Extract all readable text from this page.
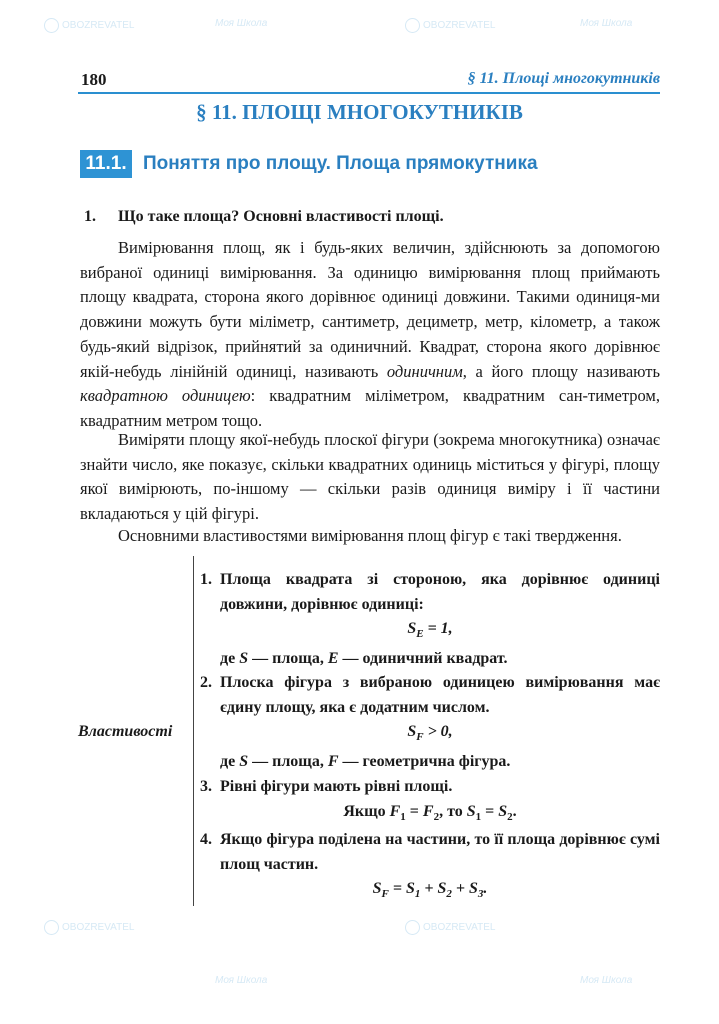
OBOZREVATEL	Моя Школа	OBOZREVATEL	Моя Школа
OBOZREVATEL	OBOZREVATEL
Моя Школа	Моя Школа
180	§ 11. Площі многокутників
§ 11. ПЛОЩІ МНОГОКУТНИКІВ
11.1. Поняття про площу. Площа прямокутника
1. Що таке площа? Основні властивості площі.

Вимірювання площ, як і будь-яких величин, здійснюють за допомогою вибраної одиниці вимірювання. За одиницю вимірювання площ приймають площу квадрата, сторона якого дорівнює одиниці довжини. Такими одиниця-ми довжини можуть бути міліметр, сантиметр, дециметр, метр, кілометр, а також будь-який відрізок, прийнятий за одиничний. Квадрат, сторона якого дорівнює якій-небудь лінійній одиниці, називають одиничним, а його площу називають квадратною одиницею: квадратним міліметром, квадратним сан-тиметром, квадратним метром тощо.

Виміряти площу якої-небудь плоскої фігури (зокрема многокутника) означає знайти число, яке показує, скільки квадратних одиниць міститься у фігурі, площу якої вимірюють, по-іншому — скільки разів одиниця виміру і її частини вкладаються у цій фігурі.

Основними властивостями вимірювання площ фігур є такі твердження.

Властивості
1. Площа квадрата зі стороною, яка дорівнює одиниці довжини, дорівнює одиниці:
$S_E = 1$,
де S — площа, E — одиничний квадрат.
2. Плоска фігура з вибраною одиницею вимірювання має єдину площу, яка є додатним числом.
$S_F > 0$,
де S — площа, F — геометрична фігура.
3. Рівні фігури мають рівні площі.
Якщо $F_1 = F_2$, то $S_1 = S_2$.
4. Якщо фігура поділена на частини, то її площа дорівнює сумі площ частин.
$S_F = S_1 + S_2 + S_3$.
